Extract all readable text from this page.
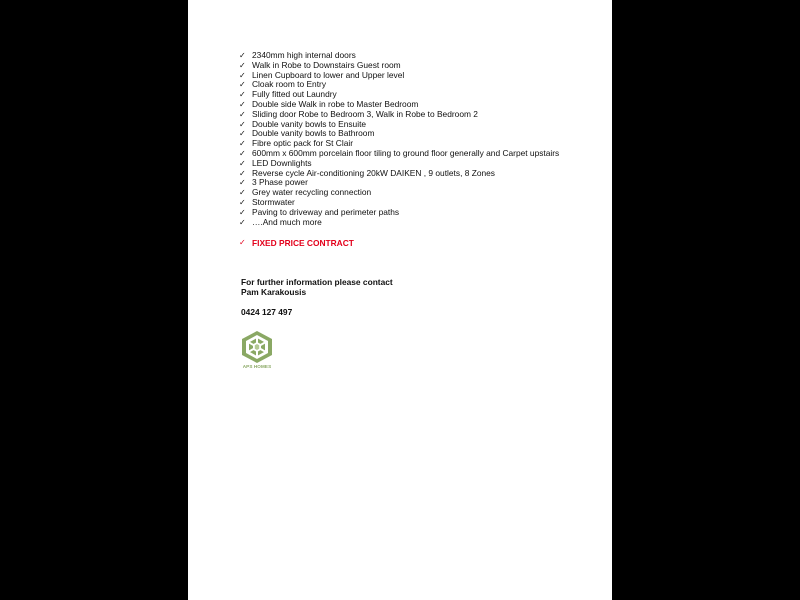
✓ 2340mm high internal doors
✓ Walk in Robe to Downstairs Guest room
✓ Linen Cupboard to lower and Upper level
✓ Cloak room to Entry
✓ Fully fitted out Laundry
✓ Double side Walk in robe to Master Bedroom
✓ Sliding door Robe to Bedroom 3, Walk in Robe to Bedroom 2
✓ Double vanity bowls to Ensuite
✓ Double vanity bowls to Bathroom
✓ Fibre optic pack for St Clair
✓ 600mm x 600mm porcelain floor tiling to ground floor generally and Carpet upstairs
✓ LED Downlights
✓ Reverse cycle Air-conditioning 20kW DAIKEN , 9 outlets, 8 Zones
✓ 3 Phase power
✓ Grey water recycling connection
✓ Stormwater
✓ Paving to driveway and perimeter paths
✓ ….And much more
✓ FIXED PRICE CONTRACT
For further information please contact
Pam Karakousis
0424 127 497
APS HOMES
